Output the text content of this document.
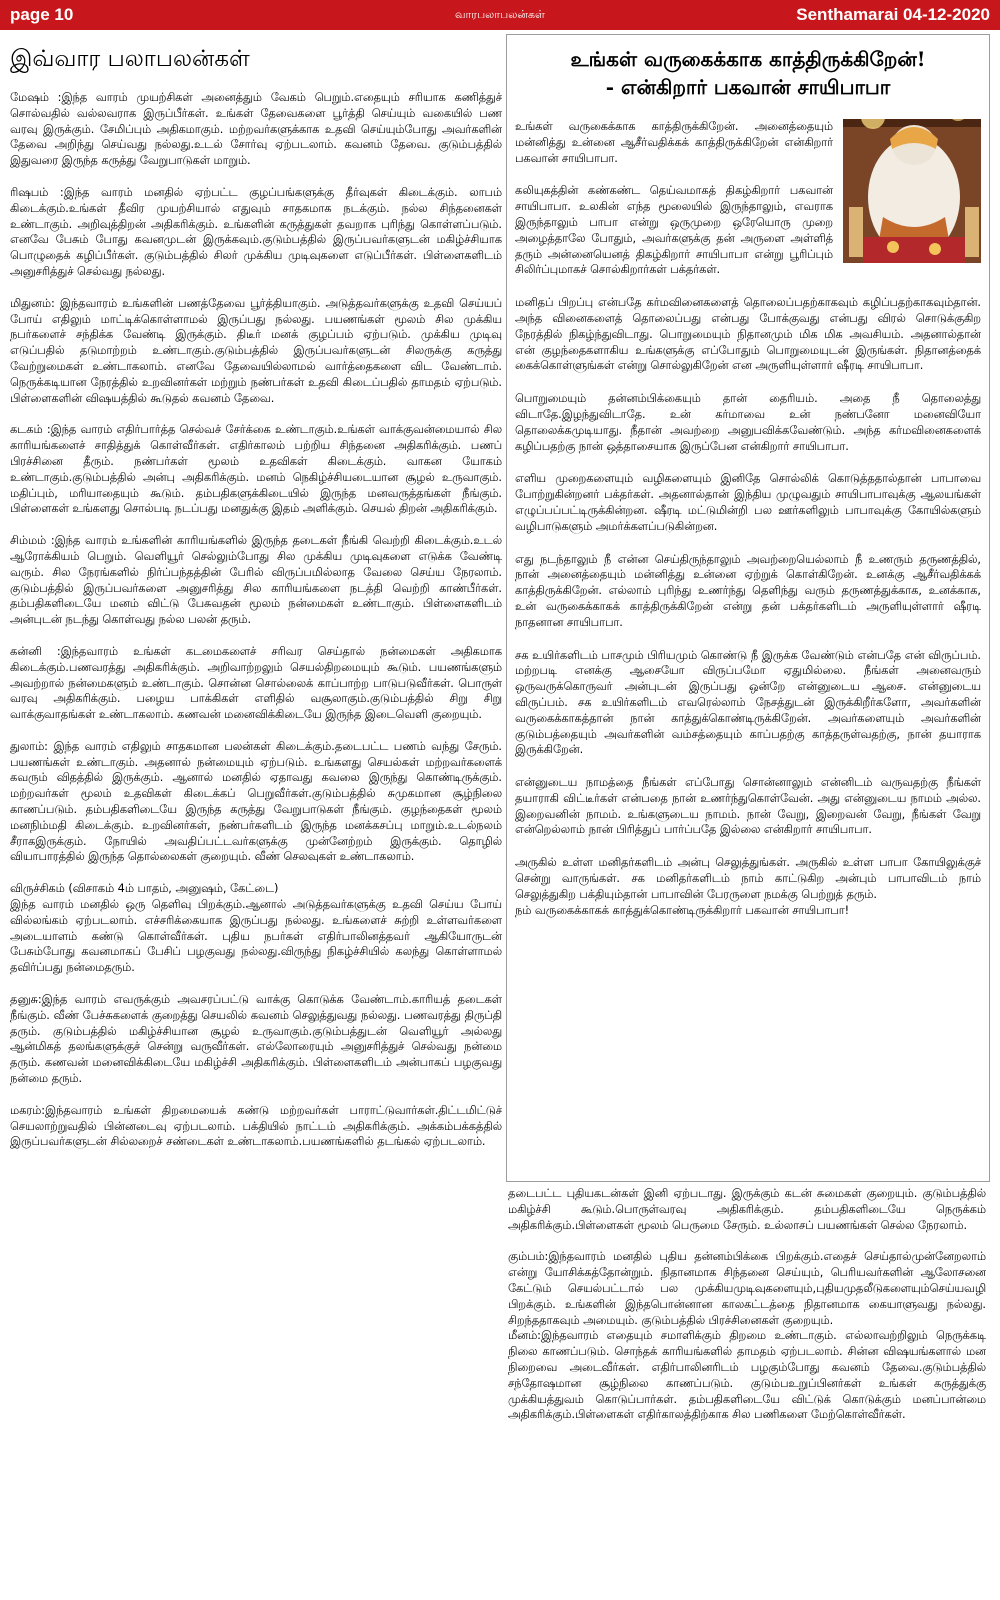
page 10	வாரபலாபலன்கள்	Senthamarai 04-12-2020
இவ்வார பலாபலன்கள்

மேஷம் :இந்த வாரம் முயற்சிகள் அனைத்தும் வேகம் பெறும்.எதையும் சரியாக கணித்துச் சொல்வதில் வல்லவராக இருப்பீர்கள். உங்கள் தேவைகளை பூர்த்தி செய்யும் வகையில் பண வரவு இருக்கும். சேமிப்பும் அதிகமாகும். மற்றவர்களுக்காக உதவி செய்யும்போது அவர்களின் தேவை அறிந்து செய்வது நல்லது.உடல் சோர்வு ஏற்படலாம். கவனம் தேவை. குடும்பத்தில் இதுவரை இருந்த கருத்து வேறுபாடுகள் மாறும்.

ரிஷபம் :இந்த வாரம் மனதில் ஏற்பட்ட குழப்பங்களுக்கு தீர்வுகள் கிடைக்கும். லாபம் கிடைக்கும்.உங்கள் தீவிர முயற்சியால் எதுவும் சாதகமாக நடக்கும். நல்ல சிந்தனைகள் உண்டாகும். அறிவுத்திறன் அதிகரிக்கும். உங்களின் கருத்துகள் தவறாக புரிந்து கொள்ளப்படும். எனவே பேசும் போது கவனமுடன் இருக்கவும்.குடும்பத்தில் இருப்பவர்களுடன் மகிழ்ச்சியாக பொழுதைக் கழிப்பீர்கள். குடும்பத்தில் சிலர் முக்கிய முடிவுகளை எடுப்பீர்கள். பிள்ளைகளிடம் அனுசரித்துச் செல்வது நல்லது.

மிதுனம்: இந்தவாரம் உங்களின் பணத்தேவை பூர்த்தியாகும். அடுத்தவர்களுக்கு உதவி செய்யப் போய் எதிலும் மாட்டிக்கொள்ளாமல் இருப்பது நல்லது. பயணங்கள் மூலம் சில முக்கிய நபர்களைச் சந்திக்க வேண்டி இருக்கும். திடீர் மனக் குழப்பம் ஏற்படும். முக்கிய முடிவு எடுப்பதில் தடுமாற்றம் உண்டாகும்.குடும்பத்தில் இருப்பவர்களுடன் சிலருக்கு கருத்து வேற்றுமைகள் உண்டாகலாம். எனவே தேவையில்லாமல் வார்த்தைகளை விட வேண்டாம். நெருக்கடியான நேரத்தில் உறவினர்கள் மற்றும் நண்பர்கள் உதவி கிடைப்பதில் தாமதம் ஏற்படும். பிள்ளைகளின் விஷயத்தில் கூடுதல் கவனம் தேவை.

கடகம் :இந்த வாரம் எதிர்பார்த்த செல்வச் சேர்க்கை உண்டாகும்.உங்கள் வாக்குவன்மையால் சில காரியங்களைச் சாதித்துக் கொள்வீர்கள். எதிர்காலம் பற்றிய சிந்தனை அதிகரிக்கும். பணப் பிரச்சினை தீரும். நண்பர்கள் மூலம் உதவிகள் கிடைக்கும். வாகன யோகம் உண்டாகும்.குடும்பத்தில் அன்பு அதிகரிக்கும். மனம் நெகிழ்ச்சியடையான சூழல் உருவாகும். மதிப்பும், மரியாதையும் கூடும். தம்பதிகளுக்கிடையில் இருந்த மனவருத்தங்கள் நீங்கும். பிள்ளைகள் உங்களது சொல்படி நடப்பது மனதுக்கு இதம் அளிக்கும். செயல் திறன் அதிகரிக்கும்.

சிம்மம் :இந்த வாரம் உங்களின் காரியங்களில் இருந்த தடைகள் நீங்கி வெற்றி கிடைக்கும்.உடல் ஆரோக்கியம் பெறும். வெளியூர் செல்லும்போது சில முக்கிய முடிவுகளை எடுக்க வேண்டி வரும். சில நேரங்களில் நிர்ப்பந்தத்தின் பேரில் விருப்பமில்லாத வேலை செய்ய நேரலாம். குடும்பத்தில் இருப்பவர்களை அனுசரித்து சில காரியங்களை நடத்தி வெற்றி காண்பீர்கள். தம்பதிகளிடையே மனம் விட்டு பேசுவதன் மூலம் நன்மைகள் உண்டாகும். பிள்ளைகளிடம் அன்புடன் நடந்து கொள்வது நல்ல பலன் தரும்.

கன்னி :இந்தவாரம் உங்கள் கடமைகளைச் சரிவர செய்தால் நன்மைகள் அதிகமாக கிடைக்கும்.பணவரத்து அதிகரிக்கும். அறிவாற்றலும் செயல்திறமையும் கூடும். பயணங்களும் அவற்றால் நன்மைகளும் உண்டாகும். சொன்ன சொல்லைக் காப்பாற்ற பாடுபடுவீர்கள். பொருள் வரவு அதிகரிக்கும். பழைய பாக்கிகள் எளிதில் வசூலாகும்.குடும்பத்தில் சிறு சிறு வாக்குவாதங்கள் உண்டாகலாம். கணவன் மனைவிக்கிடையே இருந்த இடைவெளி குறையும்.

துலாம்: இந்த வாரம் எதிலும் சாதகமான பலன்கள் கிடைக்கும்.தடைபட்ட பணம் வந்து சேரும். பயணங்கள் உண்டாகும். அதனால் நன்மையும் ஏற்படும். உங்களது செயல்கள் மற்றவர்களைக் கவரும் விதத்தில் இருக்கும். ஆனால் மனதில் ஏதாவது கவலை இருந்து கொண்டிருக்கும். மற்றவர்கள் மூலம் உதவிகள் கிடைக்கப் பெறுவீர்கள்.குடும்பத்தில் சுமுகமான சூழ்நிலை காணப்படும். தம்பதிகளிடையே இருந்த கருத்து வேறுபாடுகள் நீங்கும். குழந்தைகள் மூலம் மனநிம்மதி கிடைக்கும். உறவினர்கள், நண்பர்களிடம் இருந்த மனக்கசப்பு மாறும்.உடல்நலம் சீராகஇருக்கும். நோயில் அவதிப்பட்டவர்களுக்கு முன்னேற்றம் இருக்கும். தொழில் வியாபாரத்தில் இருந்த தொல்லைகள் குறையும். வீண் செலவுகள் உண்டாகலாம்.

விருச்சிகம் (விசாகம் 4ம் பாதம், அனுஷம், கேட்டை)
இந்த வாரம் மனதில் ஒரு தெளிவு பிறக்கும்.ஆனால் அடுத்தவர்களுக்கு உதவி செய்ய போய் வில்லங்கம் ஏற்படலாம். எச்சரிக்கையாக இருப்பது நல்லது. உங்களைச் சுற்றி உள்ளவர்களை அடையாளம் கண்டு கொள்வீர்கள். புதிய நபர்கள் எதிர்பாலினத்தவர் ஆகியோருடன் பேசும்போது கவனமாகப் பேசிப் பழகுவது நல்லது.விருந்து நிகழ்ச்சியில் கலந்து கொள்ளாமல் தவிர்ப்பது நன்மைதரும்.

தனுசு:இந்த வாரம் எவருக்கும் அவசரப்பட்டு வாக்கு கொடுக்க வேண்டாம்.காரியத் தடைகள் நீங்கும். வீண் பேச்சுகளைக் குறைத்து செயலில் கவனம் செலுத்துவது நல்லது. பணவரத்து திருப்தி தரும். குடும்பத்தில் மகிழ்ச்சியான சூழல் உருவாகும்.குடும்பத்துடன் வெளியூர் அல்லது ஆன்மிகத் தலங்களுக்குச் சென்று வருவீர்கள். எல்லோரையும் அனுசரித்துச் செல்வது நன்மை தரும். கணவன் மனைவிக்கிடையே மகிழ்ச்சி அதிகரிக்கும். பிள்ளைகளிடம் அன்பாகப் பழகுவது நன்மை தரும்.

மகரம்:இந்தவாரம் உங்கள் திறமையைக் கண்டு மற்றவர்கள் பாராட்டுவார்கள்.திட்டமிட்டுச் செயலாற்றுவதில் பின்னடைவு ஏற்படலாம். பக்தியில் நாட்டம் அதிகரிக்கும். அக்கம்பக்கத்தில் இருப்பவர்களுடன் சில்லறைச் சண்டைகள் உண்டாகலாம்.பயணங்களில் தடங்கல் ஏற்படலாம்.

உங்கள் வருகைக்காக காத்திருக்கிறேன்!
- என்கிறார் பகவான் சாயிபாபா

உங்கள் வருகைக்காக காத்திருக்கிறேன். அனைத்தையும் மன்னித்து உன்னை ஆசீர்வதிக்கக் காத்திருக்கிறேன் என்கிறார் பகவான் சாயிபாபா.

கலியுகத்தின் கண்கண்ட தெய்வமாகத் திகழ்கிறார் பகவான் சாயிபாபா. உலகின் எந்த மூலையில் இருந்தாலும், எவராக இருந்தாலும் பாபா என்று ஒருமுறை ஒரேயொரு முறை அழைத்தாலே போதும், அவர்களுக்கு தன் அருளை அள்ளித் தரும் அன்னையெனத் திகழ்கிறார் சாயிபாபா என்று பூரிப்பும் சிலிர்ப்புமாகச் சொல்கிறார்கள் பக்தர்கள்.

மனிதப் பிறப்பு என்பதே கர்மவினைகளைத் தொலைப்பதற்காகவும் கழிப்பதற்காகவும்தான். அந்த வினைகளைத் தொலைப்பது என்பது போக்குவது என்பது விரல் சொடுக்குகிற நேரத்தில் நிகழ்ந்துவிடாது. பொறுமையும் நிதானமும் மிக மிக அவசியம். அதனால்தான் என் குழந்தைகளாகிய உங்களுக்கு எப்போதும் பொறுமையுடன் இருங்கள். நிதானத்தைக் கைக்கொள்ளுங்கள் என்று சொல்லுகிறேன் என அருளியுள்ளார் ஷீரடி சாயிபாபா.

பொறுமையும் தன்னம்பிக்கையும் தான் தைரியம். அதை நீ தொலைத்து விடாதே.இழந்துவிடாதே. உன் கர்மாவை உன் நண்பனோ மனைவியோ தொலைக்கமுடியாது. நீதான் அவற்றை அனுபவிக்கவேண்டும். அந்த கர்மவினைகளைக் கழிப்பதற்கு நான் ஒத்தாசையாக இருப்பேன என்கிறார் சாயிபாபா.

எளிய முறைகளையும் வழிகளையும் இனிதே சொல்லிக் கொடுத்ததால்தான் பாபாவை போற்றுகின்றனர் பக்தர்கள். அதனால்தான் இந்திய முழுவதும் சாயிபாபாவுக்கு ஆலயங்கள் எழுப்பப்பட்டிருக்கின்றன. ஷீரடி மட்டுமின்றி பல ஊர்களிலும் பாபாவுக்கு கோயில்களும் வழிபாடுகளும் அமர்க்களப்படுகின்றன.

எது நடந்தாலும் நீ என்ன செய்திருந்தாலும் அவற்றையெல்லாம் நீ உணரும் தருணத்தில், நான் அனைத்தையும் மன்னித்து உன்னை ஏற்றுக் கொள்கிறேன். உனக்கு ஆசீர்வதிக்கக் காத்திருக்கிறேன். எல்லாம் புரிந்து உணர்ந்து தெளிந்து வரும் தருணத்துக்காக, உனக்காக, உன் வருகைக்காகக் காத்திருக்கிறேன் என்று தன் பக்தர்களிடம் அருளியுள்ளார் ஷீரடி நாதனான சாயிபாபா.

சக உயிர்களிடம் பாசமும் பிரியமும் கொண்டு நீ இருக்க வேண்டும் என்பதே என் விருப்பம். மற்றபடி எனக்கு ஆசையோ விருப்பமோ ஏதுமில்லை. நீங்கள் அனைவரும் ஒருவருக்கொருவர் அன்புடன் இருப்பது ஒன்றே என்னுடைய ஆசை. என்னுடைய விருப்பம். சக உயிர்களிடம் எவரெல்லாம் நேசத்துடன் இருக்கிறீர்களோ, அவர்களின் வருகைக்காகத்தான் நான் காத்துக்கொண்டிருக்கிறேன். அவர்களையும் அவர்களின் குடும்பத்தையும் அவர்களின் வம்சத்தையும் காப்பதற்கு காத்தருள்வதற்கு, நான் தயாராக இருக்கிறேன்.

என்னுடைய நாமத்தை நீங்கள் எப்போது சொன்னாலும் என்னிடம் வருவதற்கு நீங்கள் தயாராகி விட்டீர்கள் என்பதை நான் உணர்ந்துகொள்வேன். அது என்னுடைய நாமம் அல்ல. இறைவனின் நாமம். உங்களுடைய நாமம். நான் வேறு, இறைவன் வேறு, நீங்கள் வேறு என்றெல்லாம் நான் பிரித்துப் பார்ப்பதே இல்லை என்கிறார் சாயிபாபா.

அருகில் உள்ள மனிதர்களிடம் அன்பு செலுத்துங்கள். அருகில் உள்ள பாபா கோயிலுக்குச் சென்று வாருங்கள். சக மனிதர்களிடம் நாம் காட்டுகிற அன்பும் பாபாவிடம் நாம் செலுத்துகிற பக்தியும்தான் பாபாவின் பேரருளை நமக்கு பெற்றுத் தரும்.

நம் வருகைக்காகக் காத்துக்கொண்டிருக்கிறார் பகவான் சாயிபாபா!

தடைபட்ட புதியகடன்கள் இனி ஏற்படாது. இருக்கும் கடன் சுமைகள் குறையும். குடும்பத்தில் மகிழ்ச்சி கூடும்.பொருள்வரவு அதிகரிக்கும். தம்பதிகளிடையே நெருக்கம் அதிகரிக்கும்.பிள்ளைகள் மூலம் பெருமை சேரும். உல்லாசப் பயணங்கள் செல்ல நேரலாம்.

கும்பம்:இந்தவாரம் மனதில் புதிய தன்னம்பிக்கை பிறக்கும்.எதைச் செய்தால்முன்னேறலாம் என்று யோசிக்கத்தோன்றும். நிதானமாக சிந்தனை செய்யும், பெரியவர்களின் ஆலோசனை கேட்டும் செயல்பட்டால் பல முக்கியமுடிவுகளையும்,புதியமுதலீடுகளையும்செய்யவழி பிறக்கும். உங்களின் இந்தபொன்னான காலகட்டத்தை நிதானமாக கையாளுவது நல்லது. சிறந்ததாகவும் அமையும். குடும்பத்தில் பிரச்சினைகள் குறையும்.

மீனம்:இந்தவாரம் எதையும் சமாளிக்கும் திறமை உண்டாகும். எல்லாவற்றிலும் நெருக்கடி நிலை காணப்படும். சொந்தக் காரியங்களில் தாமதம் ஏற்படலாம். சின்ன விஷயங்களால் மன நிறைவை அடைவீர்கள். எதிர்பாலினரிடம் பழகும்போது கவனம் தேவை.குடும்பத்தில் சந்தோஷமான சூழ்நிலை காணப்படும். குடும்பஉறுப்பினர்கள் உங்கள் கருத்துக்கு முக்கியத்துவம் கொடுப்பார்கள். தம்பதிகளிடையே விட்டுக் கொடுக்கும் மனப்பான்மை அதிகரிக்கும்.பிள்ளைகள் எதிர்காலத்திற்காக சில பணிகளை மேற்கொள்வீர்கள்.
